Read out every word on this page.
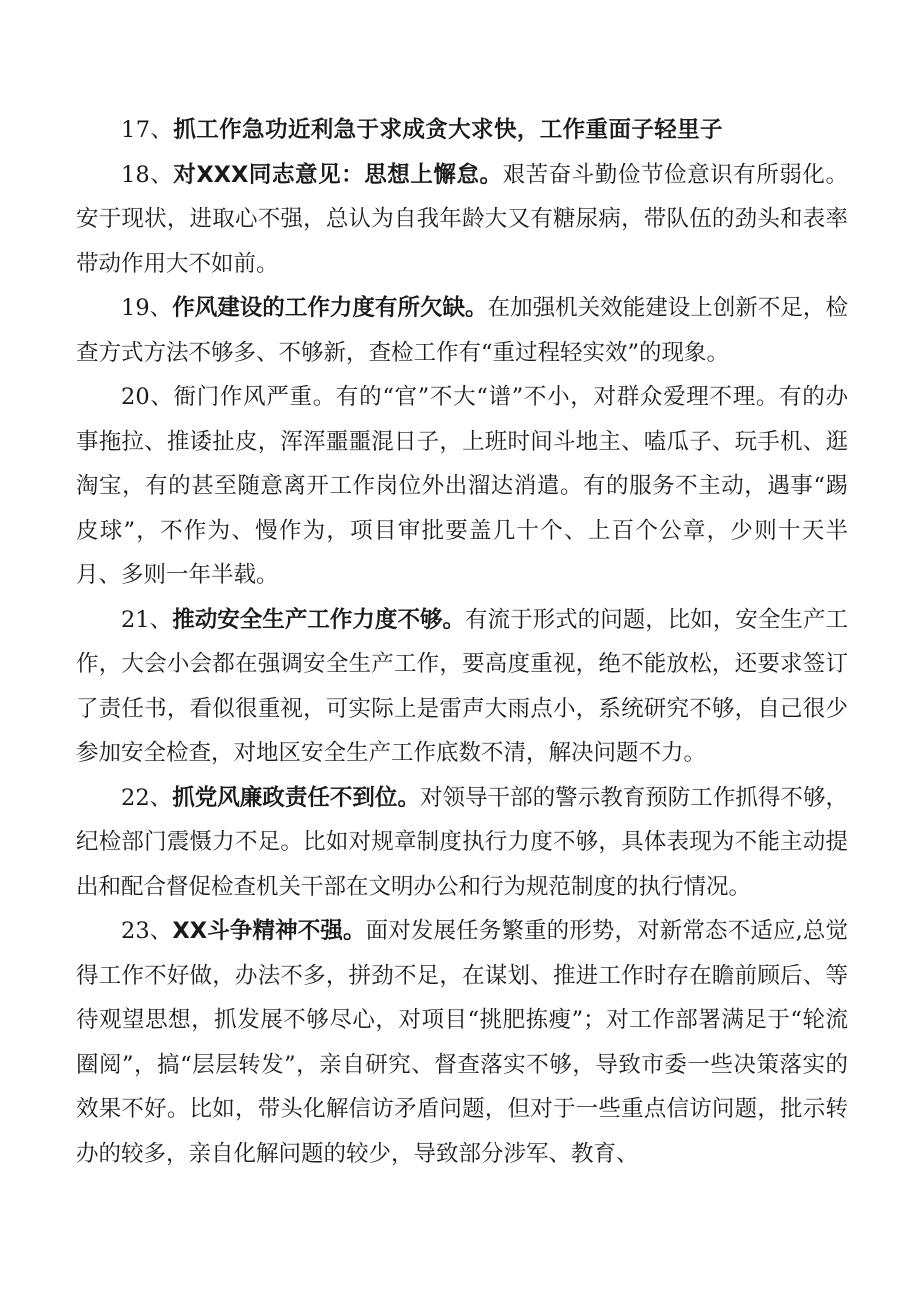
17、抓工作急功近利急于求成贪大求快，工作重面子轻里子

18、对XXX同志意见：思想上懈怠。艰苦奋斗勤俭节俭意识有所弱化。安于现状，进取心不强，总认为自我年龄大又有糖尿病，带队伍的劲头和表率带动作用大不如前。

19、作风建设的工作力度有所欠缺。在加强机关效能建设上创新不足，检查方式方法不够多、不够新，查检工作有“重过程轻实效”的现象。

20、衙门作风严重。有的“官”不大“谱”不小，对群众爱理不理。有的办事拖拉、推诿扯皮，浑浑噩噩混日子，上班时间斗地主、嗑瓜子、玩手机、逛淘宝，有的甚至随意离开工作岗位外出溜达消遣。有的服务不主动，遇事“踢皮球”，不作为、慢作为，项目审批要盖几十个、上百个公章，少则十天半月、多则一年半载。

21、推动安全生产工作力度不够。有流于形式的问题，比如，安全生产工作，大会小会都在强调安全生产工作，要高度重视，绝不能放松，还要求签订了责任书，看似很重视，可实际上是雷声大雨点小，系统研究不够，自己很少参加安全检查，对地区安全生产工作底数不清，解决问题不力。

22、抓党风廉政责任不到位。对领导干部的警示教育预防工作抓得不够，纪检部门震慑力不足。比如对规章制度执行力度不够，具体表现为不能主动提出和配合督促检查机关干部在文明办公和行为规范制度的执行情况。

23、XX斗争精神不强。面对发展任务繁重的形势，对新常态不适应,总觉得工作不好做，办法不多，拼劲不足，在谋划、推进工作时存在瞻前顾后、等待观望思想，抓发展不够尽心，对项目“挑肥拣瘦”；对工作部署满足于“轮流圈阅”，搞“层层转发”，亲自研究、督查落实不够，导致市委一些决策落实的效果不好。比如，带头化解信访矛盾问题，但对于一些重点信访问题，批示转办的较多，亲自化解问题的较少，导致部分涉军、教育、
